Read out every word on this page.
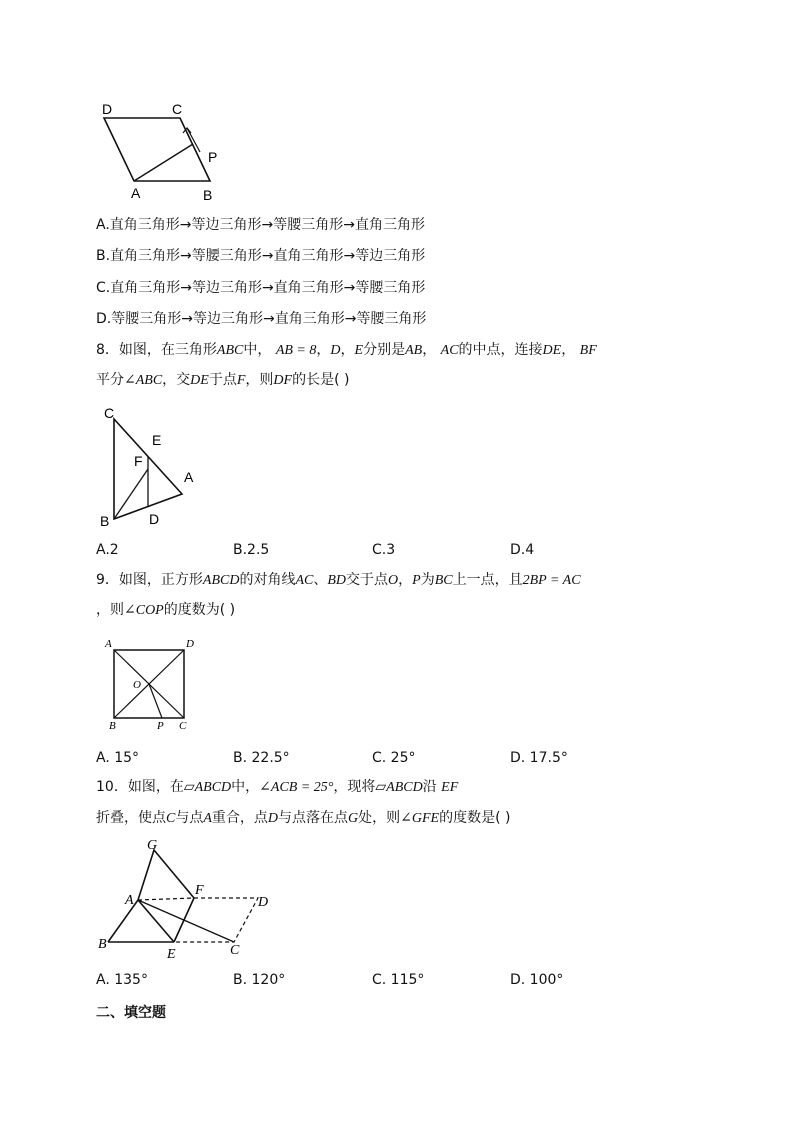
D	C
P
A	B
A.直角三角形→等边三角形→等腰三角形→直角三角形
B.直角三角形→等腰三角形→直角三角形→等边三角形
C.直角三角形→等边三角形→直角三角形→等腰三角形
D.等腰三角形→等边三角形→直角三角形→等腰三角形
8．如图，在三角形ABC中， AB = 8，D，E分别是AB， AC的中点，连接DE， BF
平分∠ABC，交DE于点F，则DF的长是( )
C
E
F
A
B	D
A.2	B.2.5	C.3	D.4
9．如图，正方形ABCD的对角线AC、BD交于点O，P为BC上一点，且2BP = AC
，则∠COP的度数为( )
A	D
O
B	P C
A. 15°	B. 22.5°	C. 25°	D. 17.5°
10．如图，在▱ABCD中，∠ACB = 25°，现将▱ABCD沿 EF
折叠，使点C与点A重合，点D与点落在点G处，则∠GFE的度数是( )
G
A
F
D
B
E	C
A. 135°	B. 120°	C. 115°	D. 100°
二、填空题
